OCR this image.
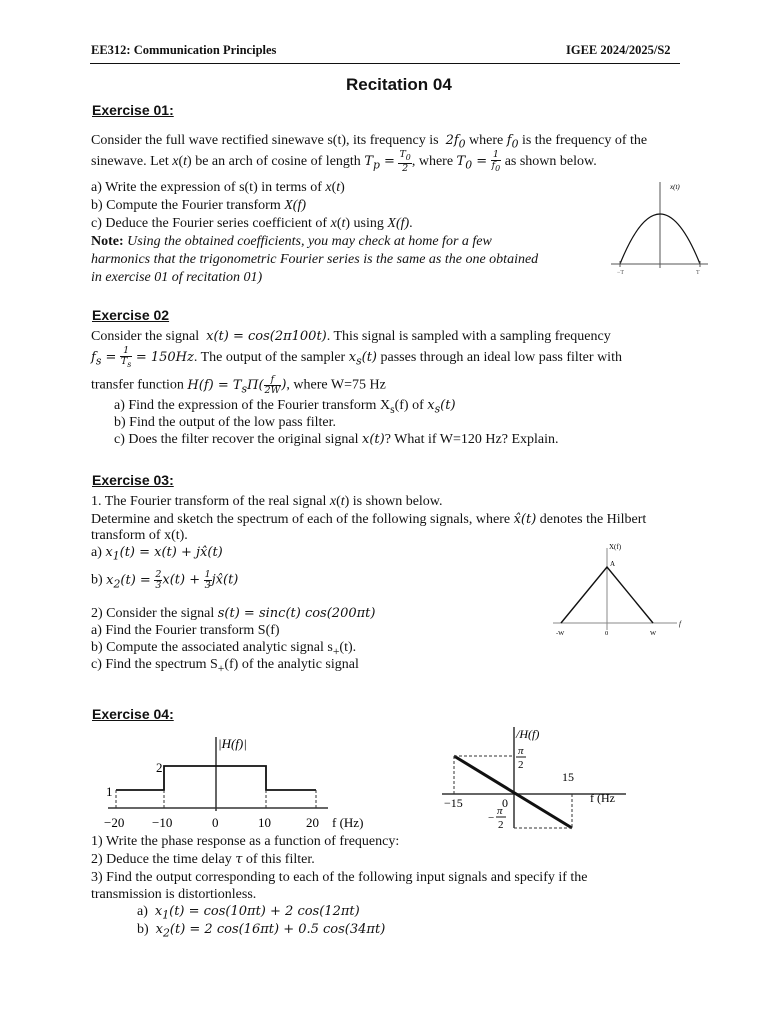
EE312: Communication Principles	IGEE 2024/2025/S2
Recitation 04
Exercise 01:
Consider the full wave rectified sinewave s(t), its frequency is $2f_0$ where $f_0$ is the frequency of the
sinewave. Let x(t) be an arch of cosine of length $T_p = \frac{T_0}{2}$ , where $T_0 = \frac{1}{f_0}$ as shown below.
a) Write the expression of s(t) in terms of x(t)
b) Compute the Fourier transform X(f)
c) Deduce the Fourier series coefficient of x(t) using X(f).
Note: Using the obtained coefficients, you may check at home for a few
harmonics that the trigonometric Fourier series is the same as the one obtained
in exercise 01 of recitation 01)
x(t)
−T	T
Exercise 02
Consider the signal x(t) = cos(2π100t). This signal is sampled with a sampling frequency
$f_s = \frac{1}{T_s} = 150Hz$. The output of the sampler $x_s(t)$ passes through an ideal low pass filter with
transfer function $H(f) = T_s\Pi( \frac{f}{2W}$ ), where W=75 Hz
a) Find the expression of the Fourier transform $X_s(f)$ of $x_s(t)$
b) Find the output of the low pass filter.
c) Does the filter recover the original signal x(t)? What if W=120 Hz? Explain.
Exercise 03:
1. The Fourier transform of the real signal x(t) is shown below.
Determine and sketch the spectrum of each of the following signals, where x̂(t) denotes the Hilbert
transform of x(t).
a) $x_1(t) = x(t)$ + jx̂(t)
b) $x_2(t) = \frac{2}{3} x(t) + \frac{1}{3}$ jx̂(t)
2) Consider the signal s(t) = sinc(t) cos(200πt)
a) Find the Fourier transform S(f)
b) Compute the associated analytic signal $s_+(t)$.
c) Find the spectrum $S_+(f)$ of the analytic signal
X(f)
A
-W	0	W
f
Exercise 04:
|H(f)|
2
1
−20 −10	0	10	20 f (Hz)
/H(f)
π
2
0
π
2
−
−15
15
f (Hz
1) Write the phase response as a function of frequency:
2) Deduce the time delay τ of this filter.
3) Find the output corresponding to each of the following input signals and specify if the
transmission is distortionless.
a) $x_1(t) = \cos(10\pi t) + 2$ cos(12πt)
b) $x_2(t) = 2$ cos(16πt) + 0.5 cos(34πt)
